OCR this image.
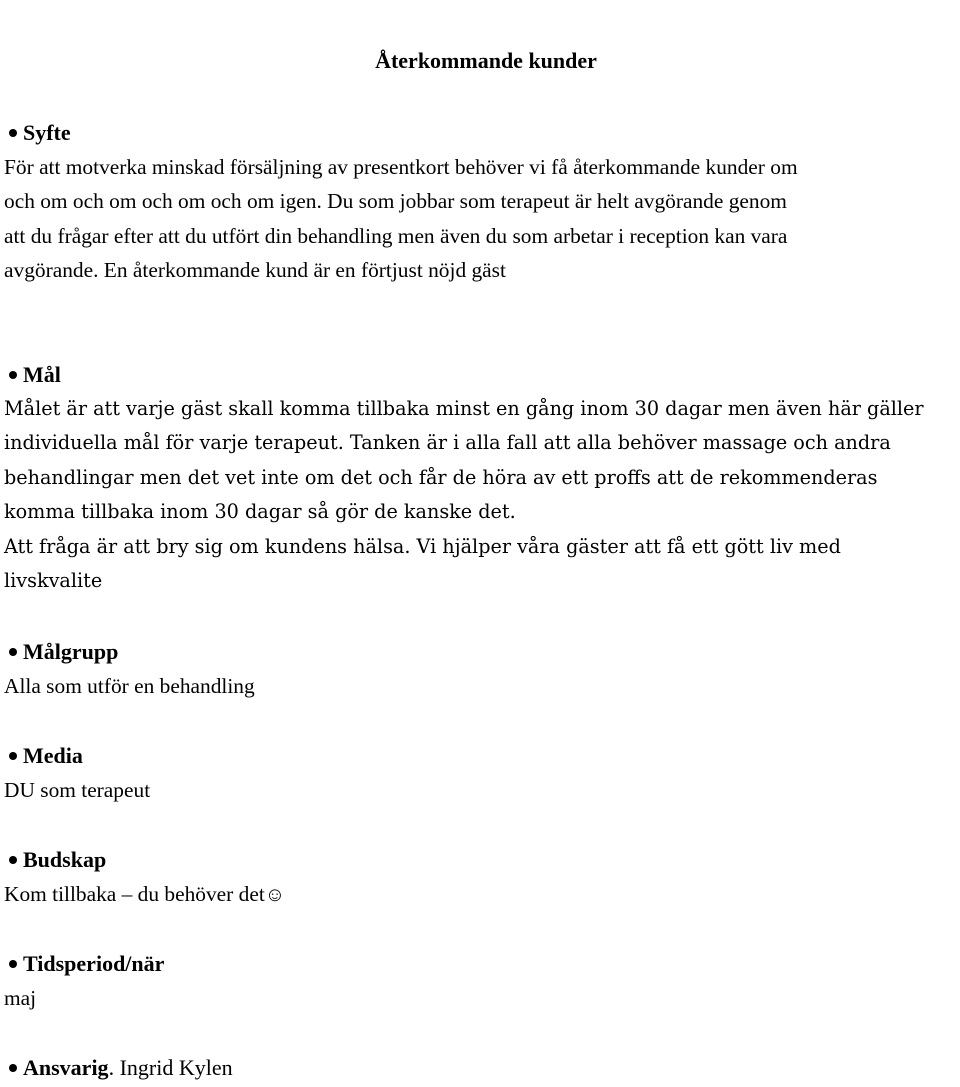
Återkommande kunder
Syfte

För att motverka minskad försäljning av presentkort behöver vi få återkommande kunder om
och om och om och om och om igen. Du som jobbar som terapeut är helt avgörande genom
att du frågar efter att du utfört din behandling men även du som arbetar i reception kan vara
avgörande. En återkommande kund är en förtjust nöjd gäst

Mål

Målet är att varje gäst skall komma tillbaka minst en gång inom 30 dagar men även här gäller
individuella mål för varje terapeut. Tanken är i alla fall att alla behöver massage och andra
behandlingar men det vet inte om det och får de höra av ett proffs att de rekommenderas
komma tillbaka inom 30 dagar så gör de kanske det.
Att fråga är att bry sig om kundens hälsa. Vi hjälper våra gäster att få ett gött liv med
livskvalite

Målgrupp

Alla som utför en behandling

Media

DU som terapeut

Budskap

Kom tillbaka – du behöver det☺

Tidsperiod/när

maj

Ansvarig . Ingrid Kylen
